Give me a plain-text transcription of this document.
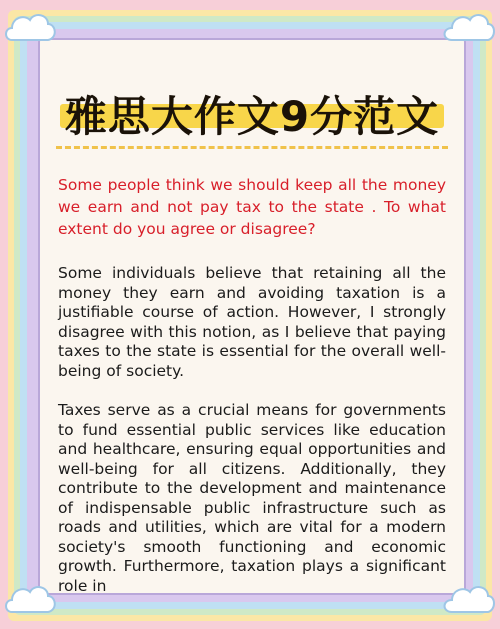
雅思大作文9分范文
Some people think we should keep all the money we earn and not pay tax to the state . To what extent do you agree or disagree?
Some individuals believe that retaining all the money they earn and avoiding taxation is a justifiable course of action. However, I strongly disagree with this notion, as I believe that paying taxes to the state is essential for the overall well-being of society.
Taxes serve as a crucial means for governments to fund essential public services like education and healthcare, ensuring equal opportunities and well-being for all citizens. Additionally, they contribute to the development and maintenance of indispensable public infrastructure such as roads and utilities, which are vital for a modern society's smooth functioning and economic growth. Furthermore, taxation plays a significant role in
